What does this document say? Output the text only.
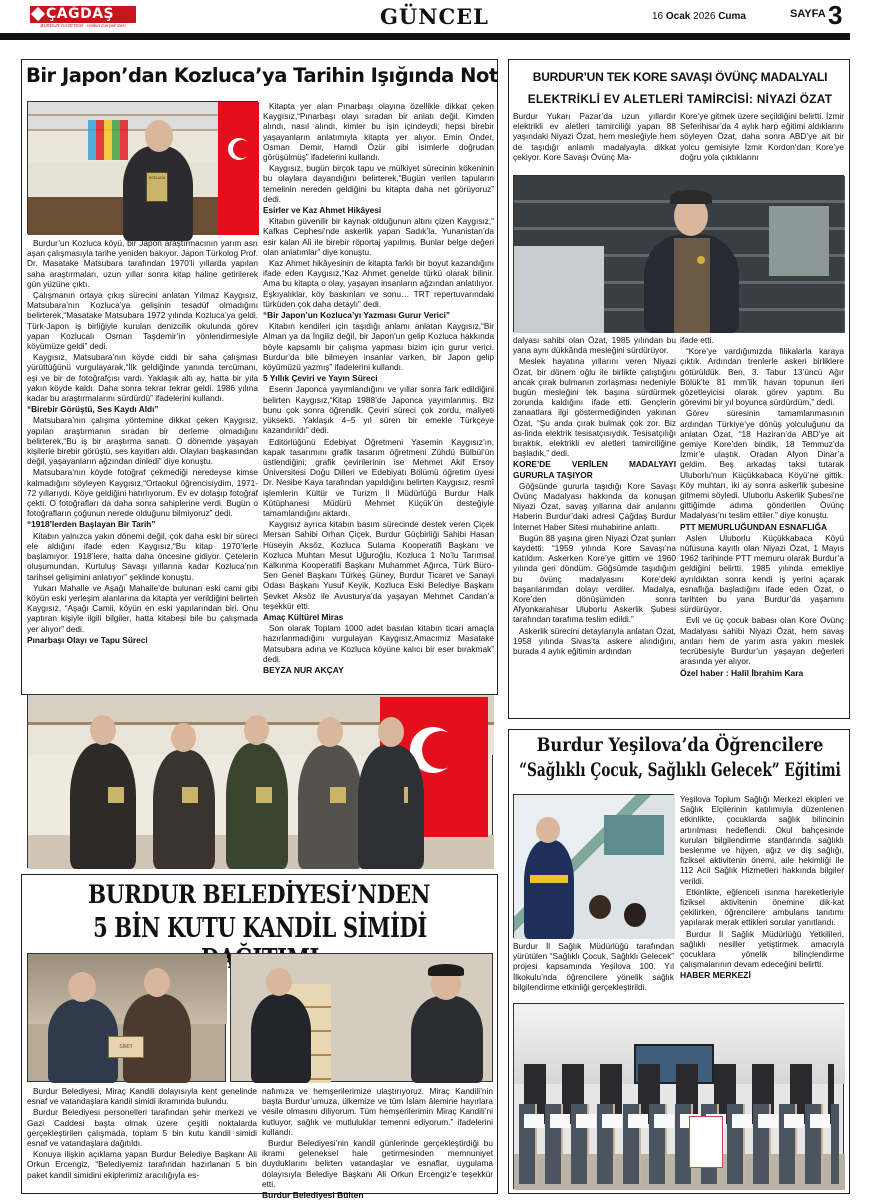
ÇAĞDAŞ
BURDUR GAZETESİ · Halkın Gerçek Sesi	GÜNCEL	16 Ocak 2026 Cuma	SAYFA 3
Bir Japon’dan Kozluca’ya Tarihin Işığında Not
KOZLUCA

Burdur’un Kozluca köyü, bir Japon araştırmacının yarım asrı aşan çalışmasıyla tarihe yeniden bakıyor. Japon Türkolog Prof. Dr. Masatake Matsubara tarafından 1970’li yıllarda yapılan saha araştırmaları, uzun yıllar sonra kitap haline getirilerek gün yüzüne çıktı.

Çalışmanın ortaya çıkış sürecini anlatan Yılmaz Kaygısız, Matsubara’nın Kozluca’ya gelişinin tesadüf olmadığını belirterek,“Masatake Matsubara 1972 yılında Kozluca’ya geldi. Türk-Japon iş birliğiyle kurulan denizcilik okulunda görev yapan Kozlucalı Osman Taşdemir’in yönlendirmesiyle köyümüze geldi” dedi.

Kaygısız, Matsubara’nın köyde ciddi bir saha çalışması yürüttüğünü vurgulayarak,“İlk geldiğinde yanında tercümanı, eşi ve bir de fotoğrafçısı vardı. Yaklaşık altı ay, hatta bir yıla yakın köyde kaldı. Daha sonra tekrar tekrar geldi. 1986 yılına kadar bu araştırmalarını sürdürdü” ifadelerini kullandı.

“Birebir Görüştü, Ses Kaydı Aldı”

Matsubara’nın çalışma yöntemine dikkat çeken Kaygısız, yapılan araştırmanın sıradan bir derleme olmadığını belirterek,“Bu iş bir araştırma sanatı. O dönemde yaşayan kişilerle birebir görüştü, ses kayıtları aldı. Olayları başkasından değil, yaşayanların ağzından dinledi” diye konuştu.

Matsubara’nın köyde fotoğraf çekmediği neredeyse kimse kalmadığını söyleyen Kaygısız,“Ortaokul öğrencisiydim, 1971-72 yıllarıydı. Köye geldiğini hatırlıyorum. Ev ev dolaşıp fotoğraf çekti. O fotoğrafları da daha sonra sahiplerine verdi. Bugün o fotoğrafların çoğunun nerede olduğunu bilmiyoruz” dedi.

“1918’lerden Başlayan Bir Tarih”

Kitabın yalnızca yakın dönemi değil, çok daha eski bir süreci ele aldığını ifade eden Kaygısız,“Bu kitap 1970’lerle başlamıyor. 1918’lere, hatta daha öncesine gidiyor. Çetelerin oluşumundan, Kurtuluş Savaşı yıllarına kadar Kozluca’nın tarihsel gelişimini anlatıyor” şeklinde konuştu.

Yukarı Mahalle ve Aşağı Mahalle’de bulunan eski cami gibi köyün eski yerleşim alanlarına da kitapta yer verildiğini belirten Kaygısız, “Aşağı Camii, köyün en eski yapılarından biri. Onu yaptıran kişiyle ilgili bilgiler, hatta kitabesi bile bu çalışmada yer alıyor” dedi.

Pınarbaşı Olayı ve Tapu Süreci

Kitapta yer alan Pınarbaşı olayına özellikle dikkat çeken Kaygısız,“Pınarbaşı olayı sıradan bir anlatı değil. Kimden alındı, nasıl alındı, kimler bu işin içindeydi; hepsi birebir yaşayanların anlatımıyla kitapta yer alıyor. Emin Önder, Osman Demir, Hamdi Özür gibi isimlerle doğrudan görüşülmüş” ifadelerini kullandı.

Kaygısız, bugün birçok tapu ve mülkiyet sürecinin kökeninin bu olaylara dayandığını belirterek,“Bugün verilen tapuların temelinin nereden geldiğini bu kitapta daha net görüyoruz” dedi.

Esirler ve Kaz Ahmet Hikâyesi

Kitabın güvenilir bir kaynak olduğunun altını çizen Kaygısız,“ Kafkas Cephesi’nde askerlik yapan Sadık’la, Yunanistan’da esir kalan Ali ile birebir röportaj yapılmış. Bunlar belge değeri olan anlatımlar” diye konuştu.

Kaz Ahmet hikâyesinin de kitapta farklı bir boyut kazandığını ifade eden Kaygısız,“Kaz Ahmet genelde türkü olarak bilinir. Ama bu kitapta o olay, yaşayan insanların ağzından anlatılıyor. Eşkıyalıklar, köy baskınları ve sonu… TRT repertuvarındaki türküden çok daha detaylı” dedi.

“Bir Japon’un Kozluca’yı Yazması Gurur Verici”

Kitabın kendileri için taşıdığı anlamı anlatan Kaygısız,“Bir Alman ya da İngiliz değil, bir Japon’un gelip Kozluca hakkında böyle kapsamlı bir çalışma yapması bizim için gurur verici. Burdur’da bile bilmeyen insanlar varken, bir Japon gelip köyümüzü yazmış” ifadelerini kullandı.

5 Yıllık Çeviri ve Yayın Süreci

Eserin Japonca yayımlandığını ve yıllar sonra fark edildiğini belirten Kaygısız,“Kitap 1988’de Japonca yayımlanmış. Biz bunu çok sonra öğrendik. Çeviri süreci çok zordu, maliyeti yüksekti. Yaklaşık 4–5 yıl süren bir emekle Türkçeye kazandırıldı” dedi.

Editörlüğünü Edebiyat Öğretmeni Yasemin Kaygısız’ın, kapak tasarımını grafik tasarım öğretmeni Zühdü Bülbül’ün üstlendiğini; grafik çevirilerinin ise Mehmet Akif Ersoy Üniversitesi Doğu Dilleri ve Edebiyatı Bölümü öğretim üyesi Dr. Nesibe Kaya tarafından yapıldığını belirten Kaygısız, resmî işlemlerin Kültür ve Turizm İl Müdürlüğü Burdur Halk Kütüphanesi Müdürü Mehmet Küçük’ün desteğiyle tamamlandığını aktardı.

Kaygısız ayrıca kitabın basım sürecinde destek veren Çiçek Mersan Sahibi Orhan Çiçek, Burdur Güçbirliği Sahibi Hasan Hüseyin Aksöz, Kozluca Sulama Kooperatifi Başkanı ve Kozluca Muhtarı Mesut Uğuroğlu, Kozluca 1 No’lu Tarımsal Kalkınma Kooperatifi Başkanı Muhammet Ağırca, Türk Büro-Sen Genel Başkanı Türkeş Güney, Burdur Ticaret ve Sanayi Odası Başkanı Yusuf Keyik, Kozluca Eski Belediye Başkanı Şevket Aksöz ile Avusturya’da yaşayan Mehmet Candan’a teşekkür etti.

Amaç Kültürel Miras

Son olarak Toplam 1000 adet basılan kitabın ticari amaçla hazırlanmadığını vurgulayan Kaygısız,Amacımız Masatake Matsubara adına ve Kozluca köyüne kalıcı bir eser bırakmak” dedi.

BEYZA NUR AKÇAY
BURDUR’UN TEK KORE SAVAŞI ÖVÜNÇ MADALYALI
ELEKTRİKLİ EV ALETLERİ TAMİRCİSİ: NİYAZİ ÖZAT
Burdur Yukarı Pazar’da uzun yıllardır elektrikli ev aletleri tamirciliği yapan 88 yaşındaki Niyazi Özat, hem mesleğiyle hem de taşıdığı anlamlı madalyayla dikkat çekiyor. Kore Savaşı Övünç Ma-
Kore’ye gitmek üzere seçildiğini belirtti. İzmir Seferihisar’da 4 aylık harp eğitimi aldıklarını söyleyen Özat, daha sonra ABD’ye ait bir yolcu gemisiyle İzmir Kordon’dan Kore’ye doğru yola çıktıklarını

dalyası sahibi olan Özat, 1985 yılından bu yana aynı dükkânda mesleğini sürdürüyor.

Meslek hayatına yıllarını veren Niyazi Özat, bir dönem oğlu ile birlikte çalıştığını ancak çırak bulmanın zorlaşması nedeniyle bugün mesleğini tek başına sürdürmek zorunda kaldığını ifade etti. Gençlerin zanaatlara ilgi göstermediğinden yakınan Özat, “Şu anda çırak bulmak çok zor. Biz as-linda elektrik tesisatçısıydık. Tesisatçılığı bıraktık, elektrikli ev aletleri tamirciliğine başladık,” dedi.

KORE’DE VERİLEN MADALYAYI GURURLA TAŞIYOR

Göğsünde gururla taşıdığı Kore Savaşı Övünç Madalyası hakkında da konuşan Niyazi Özat, savaş yıllarına dair anılarını Haberin Burdur’daki adresi Çağdaş Burdur İnternet Haber Sitesi muhabirine anlattı.

Bugün 88 yaşına giren Niyazi Özat şunları kaydetti: “1959 yılında Kore Savaşı’na katıldım. Askerken Kore’ye gittim ve 1960 yılında geri döndüm. Göğsümde taşıdığım bu övünç madalyasını Kore’deki başarılarımdan dolayı verdiler. Madalya, Kore’den dönüşümden sonra Afyonkarahisar Uluborlu Askerlik Şubesi tarafından tarafıma teslim edildi.”

Askerlik sürecini detaylarıyla anlatan Özat, 1958 yılında Sivas’ta askere alındığını, burada 4 aylık eğitimin ardından

ifade etti.

“Kore’ye vardığımızda filikalarla karaya çıktık. Ardından trenlerle askeri birliklere götürüldük. Ben, 3. Tabur 13’üncü Ağır Bölük’te 81 mm’lik havan topunun ileri gözetleyicisi olarak görev yaptım. Bu görevimi bir yıl boyunca sürdürdüm,” dedi.

Görev süresinin tamamlanmasının ardından Türkiye’ye dönüş yolculuğunu da anlatan Özat, “18 Haziran’da ABD’ye ait gemiye Kore’den bindik, 18 Temmuz’da İzmir’e ulaştık. Oradan Afyon Dinar’a geldim. Beş arkadaş taksi tutarak Uluborlu’nun Küçükkabaca Köyü’ne gittik. Köy muhtarı, iki ay sonra askerlik şubesine gitmemi söyledi. Uluborlu Askerlik Şubesi’ne gittiğimde adıma gönderilen Övünç Madalyası’nı teslim ettiler.” diye konuştu.

PTT MEMURLUĞUNDAN ESNAFLIĞA

Aslen Uluborlu Küçükkabaca Köyü nüfusuna kayıtlı olan Niyazi Özat, 1 Mayıs 1962 tarihinde PTT memuru olarak Burdur’a geldiğini belirtti. 1985 yılında emekliye ayrıldıktan sonra kendi iş yerini açarak esnaflığa başladığını ifade eden Özat, o tarihten bu yana Burdur’da yaşamını sürdürüyor.

Evli ve üç çocuk babası olan Kore Övünç Madalyası sahibi Niyazi Özat, hem savaş anıları hem de yarım asra yakın meslek tecrübesiyle Burdur’un yaşayan değerleri arasında yer alıyor.

Özel haber : Halil İbrahim Kara
BURDUR BELEDİYESİ’NDEN
5 BİN KUTU KANDİL SİMİDİ
SİMİT

Burdur Belediyesi, Miraç Kandili dolayısıyla kent genelinde esnaf ve vatandaşlara kandil simidi ikramında bulundu.

Burdur Belediyesi personelleri tarafından şehir merkezi ve Gazi Caddesi başta olmak üzere çeşitli noktalarda gerçekleştirilen çalışmada, toplam 5 bin kutu kandil simidi esnaf ve vatandaşlara dağıtıldı.

Konuya ilişkin açıklama yapan Burdur Belediye Başkanı Ali Orkun Ercengiz, “Belediyemiz tarafından hazırlanan 5 bin paket kandil simidini ekiplerimiz aracılığıyla es-

nafımıza ve hemşerilerimize ulaştırıyoruz. Miraç Kandili’nin başta Burdur’umuza, ülkemize ve tüm İslam âlemine hayırlara vesile olmasını diliyorum. Tüm hemşerilerimin Miraç Kandili’ni kutluyor, sağlık ve mutluluklar temenni ediyorum.” ifadelerini kullandı.

Burdur Belediyesi’nin kandil günlerinde gerçekleştirdiği bu ikramı geleneksel hale getirmesinden memnuniyet duyduklarını belirten vatandaşlar ve esnaflar, uygulama dolayısıyla Belediye Başkanı Ali Orkun Ercengiz’e teşekkür etti.

Burdur Belediyesi Bülten
Burdur Yeşilova’da Öğrencilere
“Sağlıklı Çocuk, Sağlıklı Gelecek” Eğitimi
Burdur İl Sağlık Müdürlüğü tarafından yürütülen “Sağlıklı Çocuk, Sağlıklı Gelecek” projesi kapsamında Yeşilova 100. Yıl İlkokulu’nda öğrencilere yönelik sağlık bilgilendirme etkinliği gerçekleştirildi.

Yeşilova Toplum Sağlığı Merkezi ekipleri ve Sağlık Elçilerinin katılımıyla düzenlenen etkinlikte, çocuklarda sağlık bilincinin artırılması hedeflendi. Okul bahçesinde kurulan bilgilendirme stantlarında sağlıklı beslenme ve hijyen, ağız ve diş sağlığı, fiziksel aktivitenin önemi, aile hekimliği ile 112 Acil Sağlık Hizmetleri hakkında bilgiler verildi.

Etkinlikte, eğlenceli ısınma hareketleriyle fiziksel aktivitenin önemine dik-kat çekilirken, öğrencilere ambulans tanıtımı yapılarak merak ettikleri sorular yanıtlandı.

Burdur İl Sağlık Müdürlüğü Yetkilileri, sağlıklı nesiller yetiştirmek amacıyla çocuklara yönelik bilinçlendirme çalışmalarının devam edeceğini belirtti.

HABER MERKEZİ
